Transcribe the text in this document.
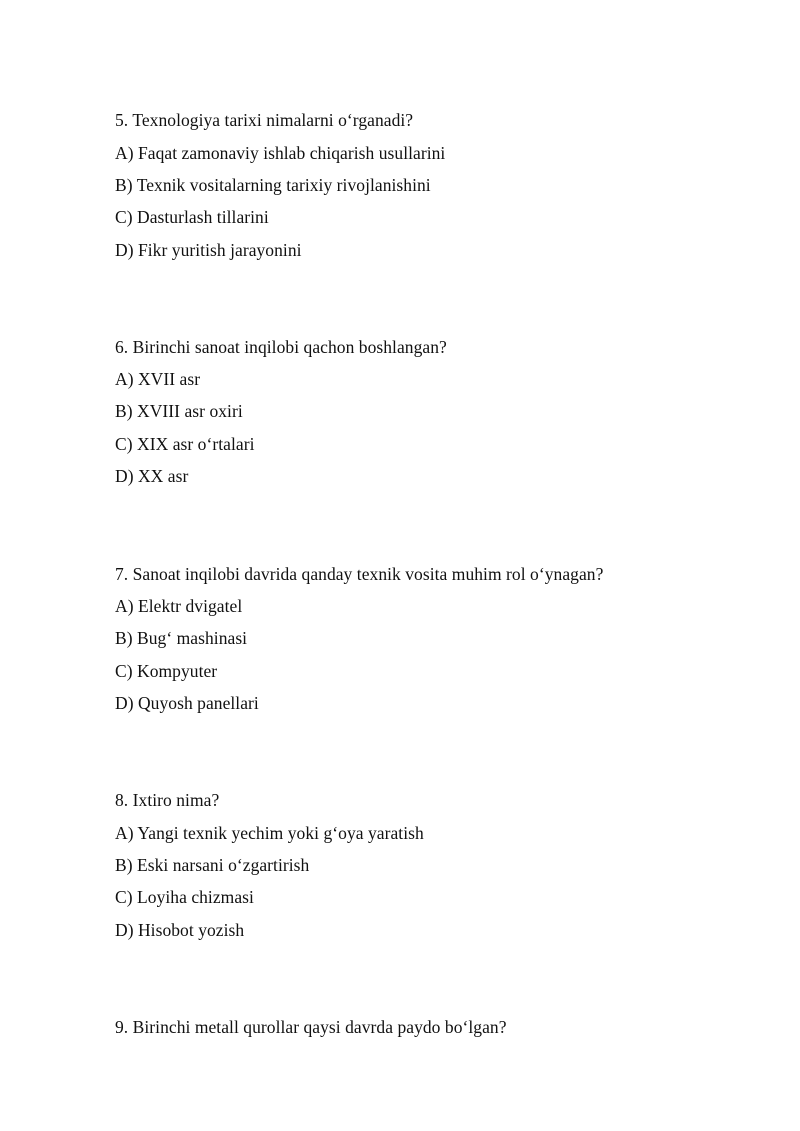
5. Texnologiya tarixi nimalarni o‘rganadi?
A) Faqat zamonaviy ishlab chiqarish usullarini
B) Texnik vositalarning tarixiy rivojlanishini
C) Dasturlash tillarini
D) Fikr yuritish jarayonini
6. Birinchi sanoat inqilobi qachon boshlangan?
A) XVII asr
B) XVIII asr oxiri
C) XIX asr o‘rtalari
D) XX asr
7. Sanoat inqilobi davrida qanday texnik vosita muhim rol o‘ynagan?
A) Elektr dvigatel
B) Bug‘ mashinasi
C) Kompyuter
D) Quyosh panellari
8. Ixtiro nima?
A) Yangi texnik yechim yoki g‘oya yaratish
B) Eski narsani o‘zgartirish
C) Loyiha chizmasi
D) Hisobot yozish
9. Birinchi metall qurollar qaysi davrda paydo bo‘lgan?
